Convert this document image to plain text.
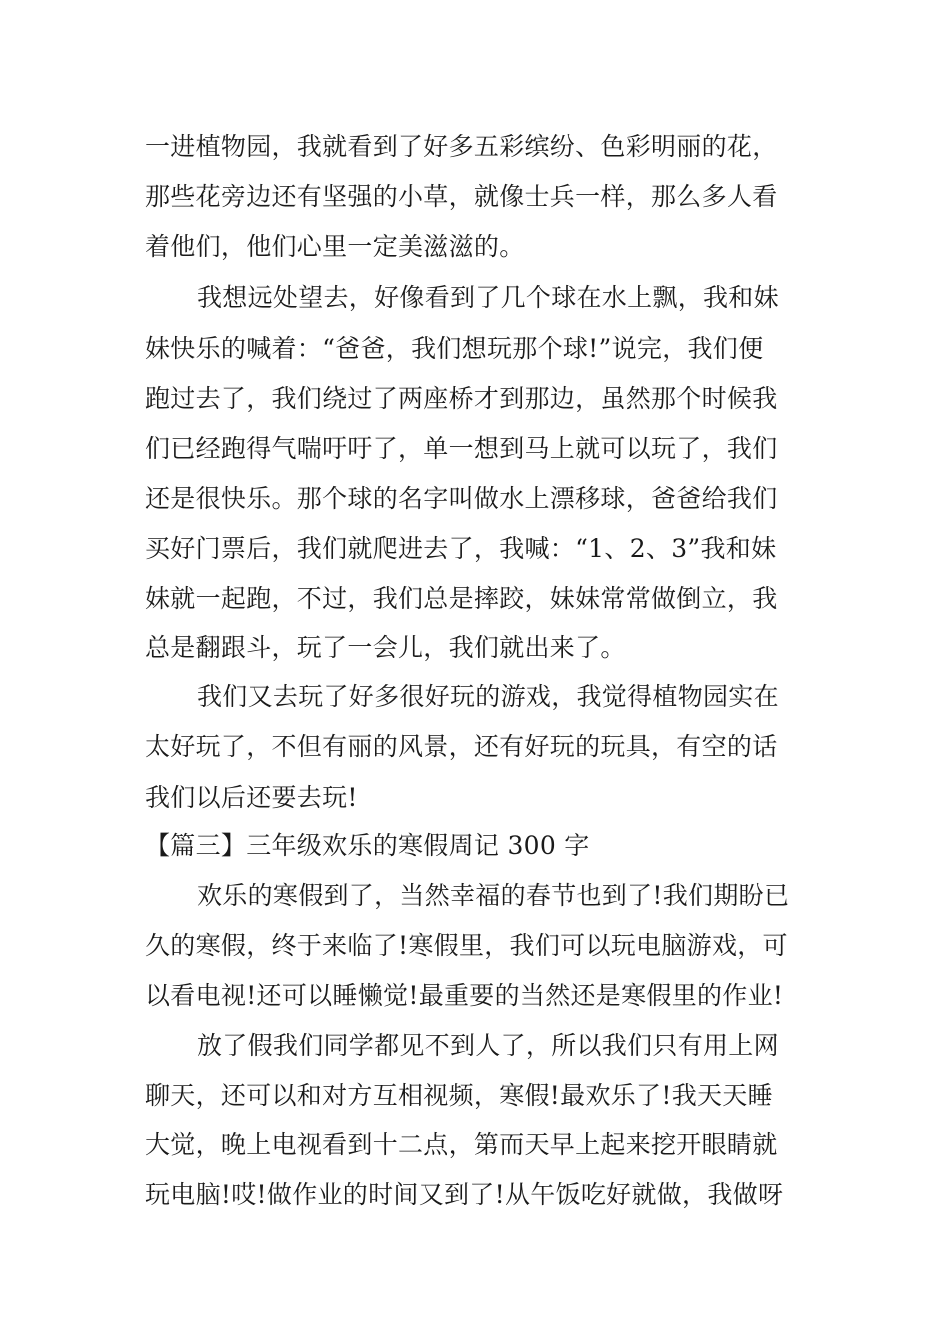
一进植物园，我就看到了好多五彩缤纷、色彩明丽的花，
那些花旁边还有坚强的小草，就像士兵一样，那么多人看
着他们，他们心里一定美滋滋的。
我想远处望去，好像看到了几个球在水上飘，我和妹
妹快乐的喊着：“爸爸，我们想玩那个球!”说完，我们便
跑过去了，我们绕过了两座桥才到那边，虽然那个时候我
们已经跑得气喘吁吁了，单一想到马上就可以玩了，我们
还是很快乐。那个球的名字叫做水上漂移球，爸爸给我们
买好门票后，我们就爬进去了，我喊：“1、2、3”我和妹
妹就一起跑，不过，我们总是摔跤，妹妹常常做倒立，我
总是翻跟斗，玩了一会儿，我们就出来了。
我们又去玩了好多很好玩的游戏，我觉得植物园实在
太好玩了，不但有丽的风景，还有好玩的玩具，有空的话
我们以后还要去玩!
【篇三】三年级欢乐的寒假周记 300 字
欢乐的寒假到了，当然幸福的春节也到了!我们期盼已
久的寒假，终于来临了!寒假里，我们可以玩电脑游戏，可
以看电视!还可以睡懒觉!最重要的当然还是寒假里的作业!
放了假我们同学都见不到人了，所以我们只有用上网
聊天，还可以和对方互相视频，寒假!最欢乐了!我天天睡
大觉，晚上电视看到十二点，第而天早上起来挖开眼睛就
玩电脑!哎!做作业的时间又到了!从午饭吃好就做，我做呀
